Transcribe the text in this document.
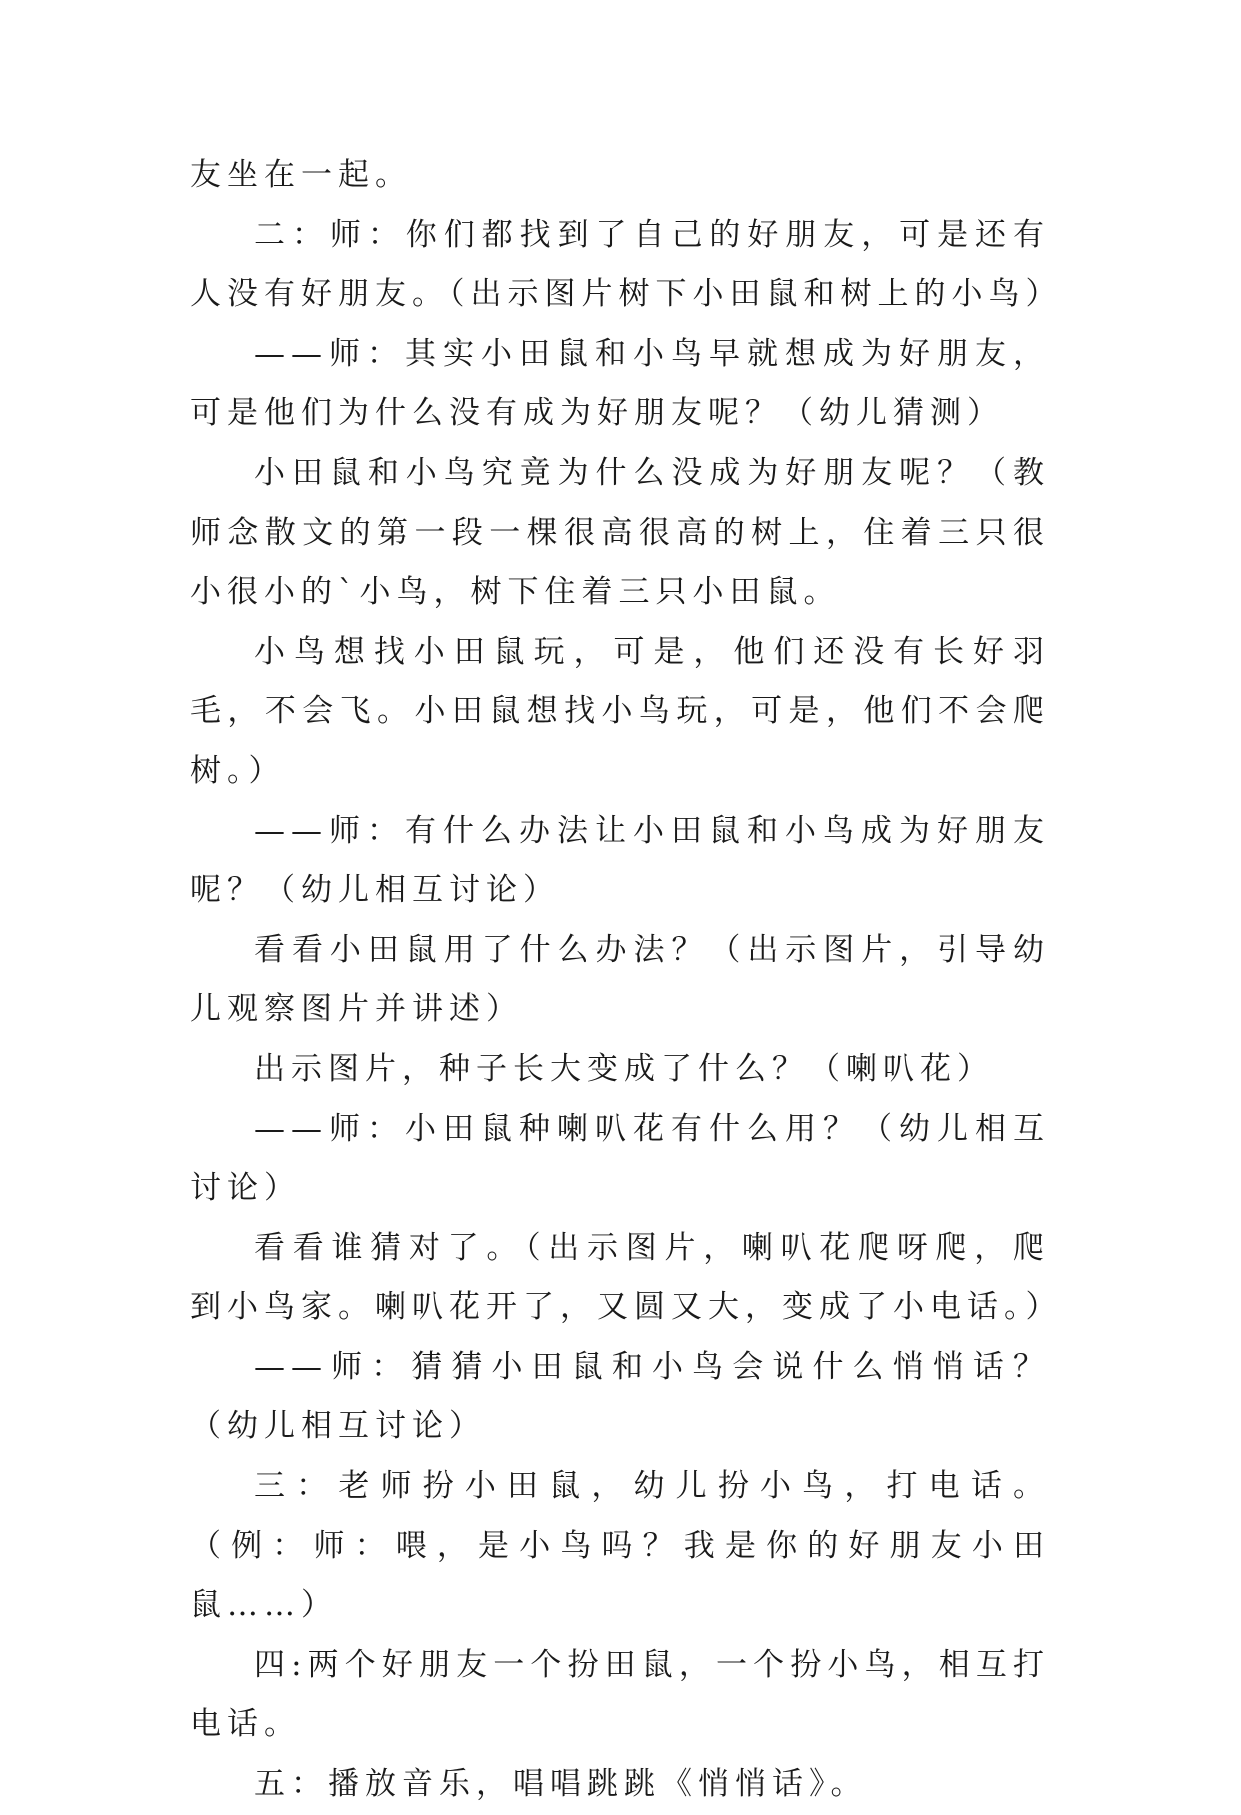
友坐在一起。

二：师：你们都找到了自己的好朋友，可是还有人没有好朋友。（出示图片树下小田鼠和树上的小鸟）

——师：其实小田鼠和小鸟早就想成为好朋友，可是他们为什么没有成为好朋友呢？（幼儿猜测）

小田鼠和小鸟究竟为什么没成为好朋友呢？（教师念散文的第一段一棵很高很高的树上，住着三只很小很小的`小鸟，树下住着三只小田鼠。

小鸟想找小田鼠玩，可是，他们还没有长好羽毛，不会飞。小田鼠想找小鸟玩，可是，他们不会爬树。）

——师：有什么办法让小田鼠和小鸟成为好朋友呢？（幼儿相互讨论）

看看小田鼠用了什么办法？（出示图片，引导幼儿观察图片并讲述）

出示图片，种子长大变成了什么？（喇叭花）

——师：小田鼠种喇叭花有什么用？（幼儿相互讨论）

看看谁猜对了。（出示图片，喇叭花爬呀爬，爬到小鸟家。喇叭花开了，又圆又大，变成了小电话。）

——师：猜猜小田鼠和小鸟会说什么悄悄话？（幼儿相互讨论）

三：老师扮小田鼠，幼儿扮小鸟，打电话。（例：师：喂，是小鸟吗？我是你的好朋友小田鼠……）

四:两个好朋友一个扮田鼠，一个扮小鸟，相互打电话。

五：播放音乐，唱唱跳跳《悄悄话》。
